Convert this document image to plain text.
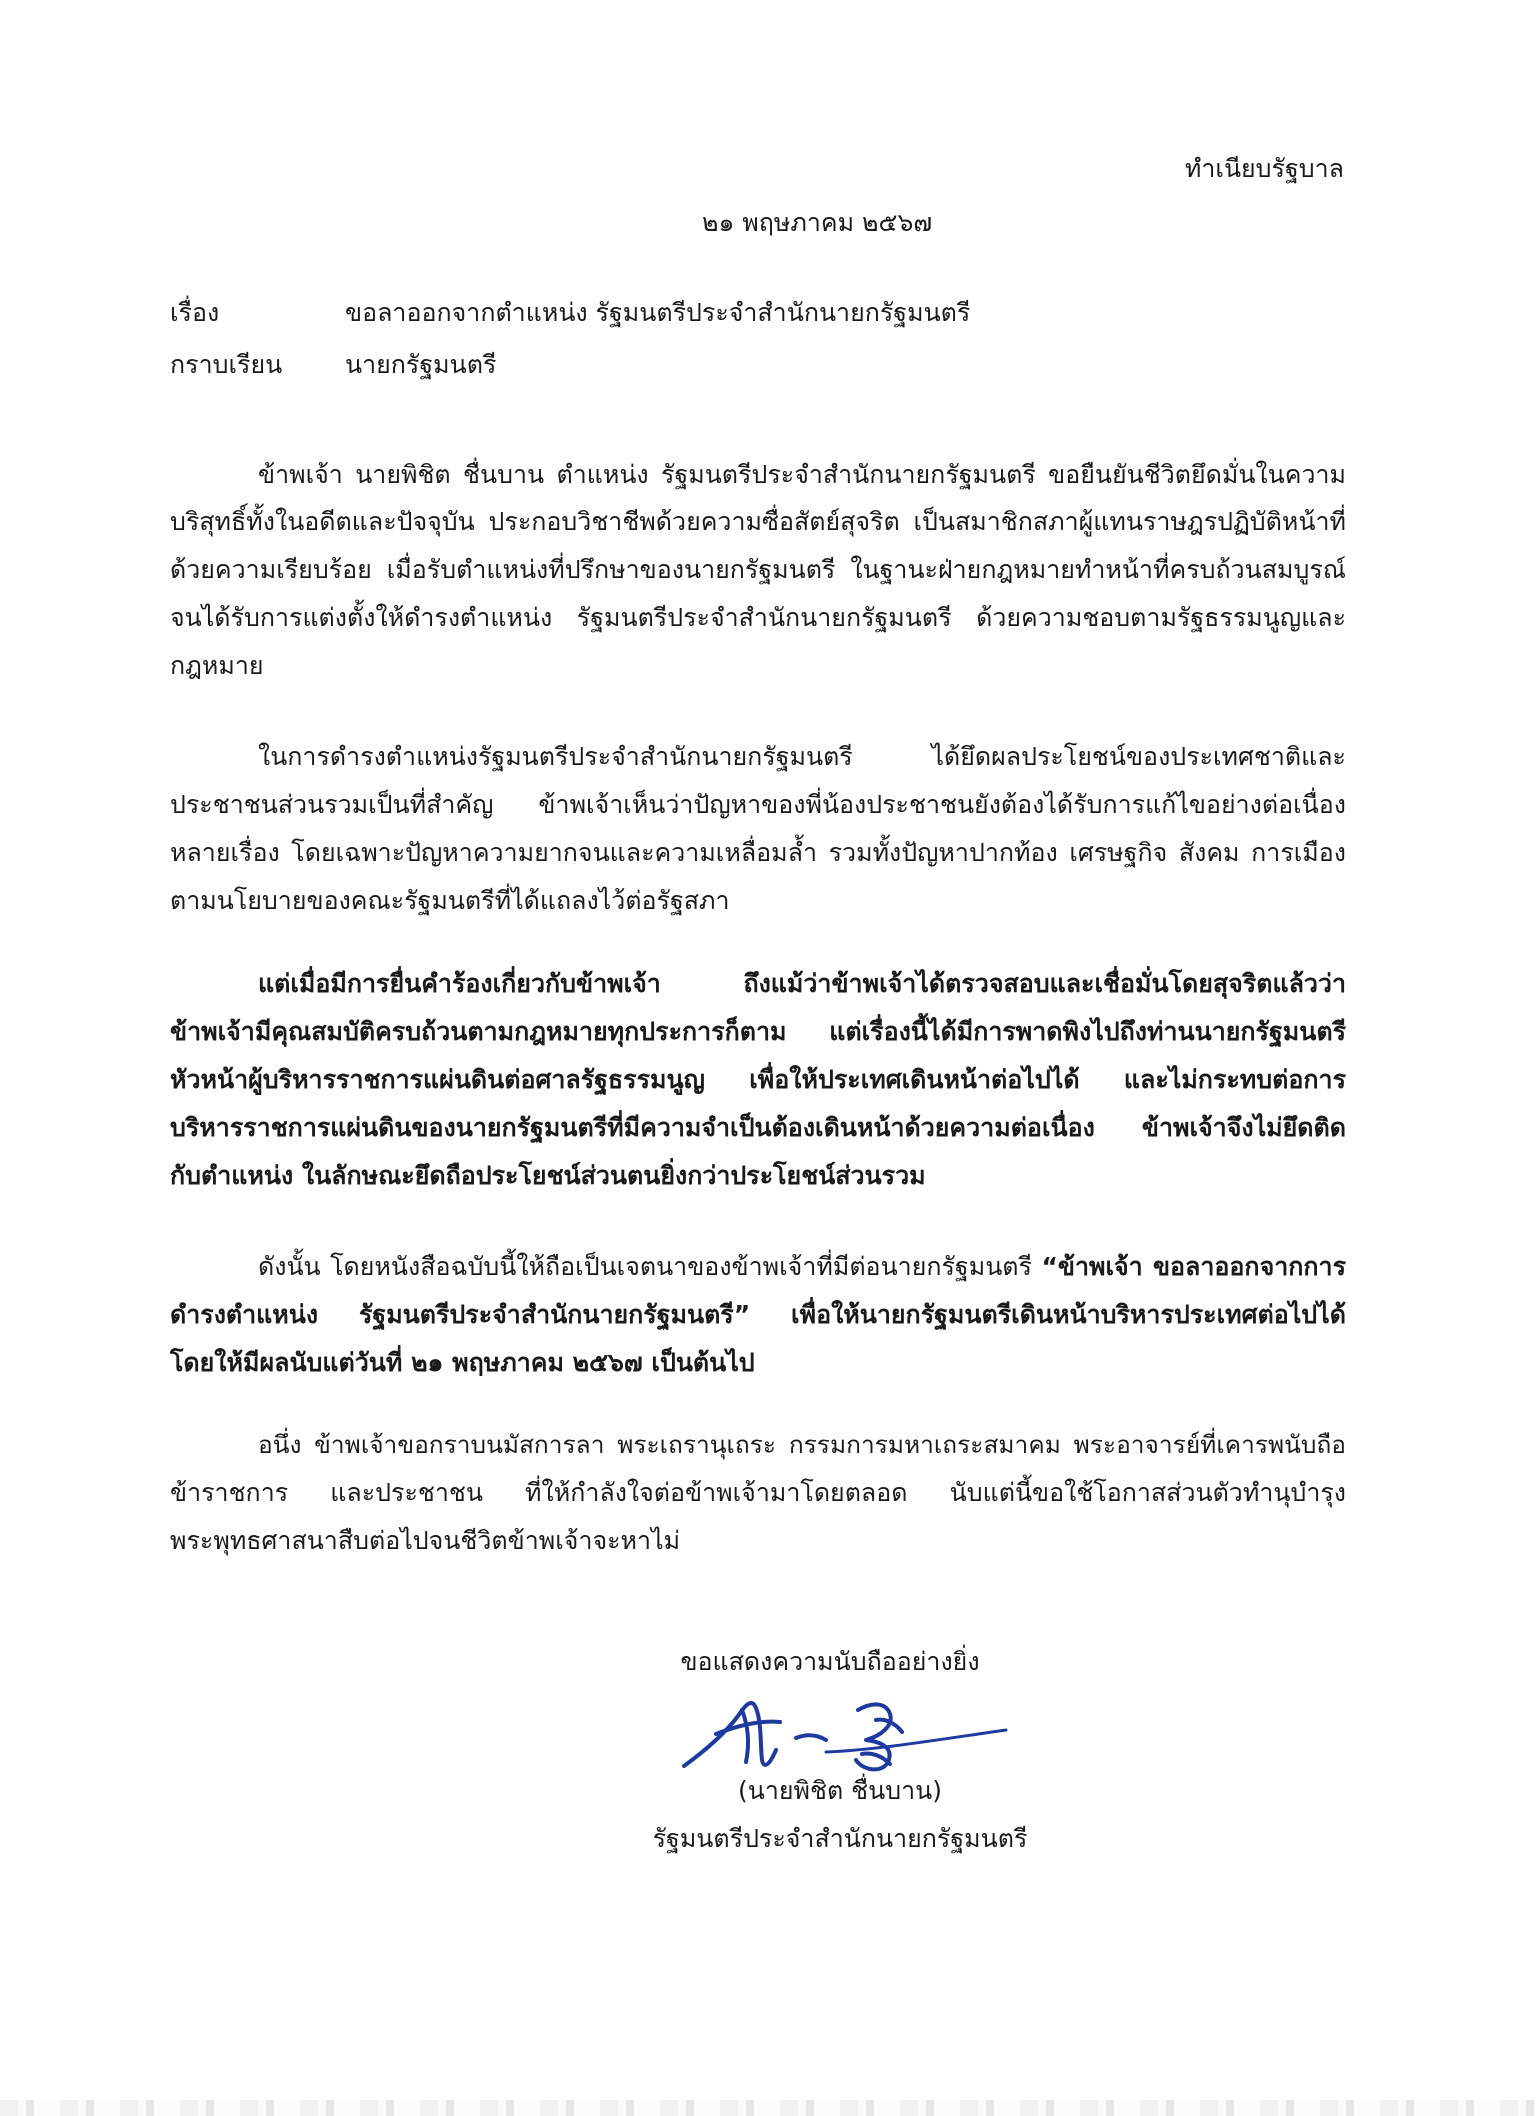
ทำเนียบรัฐบาล
๒๑ พฤษภาคม ๒๕๖๗
เรื่อง	ขอลาออกจากตำแหน่ง รัฐมนตรีประจำสำนักนายกรัฐมนตรี
กราบเรียน	นายกรัฐมนตรี
ข้าพเจ้า นายพิชิต ชื่นบาน ตำแหน่ง รัฐมนตรีประจำสำนักนายกรัฐมนตรี ขอยืนยันชีวิตยึดมั่นในความ
บริสุทธิ์ทั้งในอดีตและปัจจุบัน ประกอบวิชาชีพด้วยความซื่อสัตย์สุจริต เป็นสมาชิกสภาผู้แทนราษฎรปฏิบัติหน้าที่
ด้วยความเรียบร้อย เมื่อรับตำแหน่งที่ปรึกษาของนายกรัฐมนตรี ในฐานะฝ่ายกฎหมายทำหน้าที่ครบถ้วนสมบูรณ์
จนได้รับการแต่งตั้งให้ดำรงตำแหน่ง รัฐมนตรีประจำสำนักนายกรัฐมนตรี ด้วยความชอบตามรัฐธรรมนูญและ
กฎหมาย
ในการดำรงตำแหน่งรัฐมนตรีประจำสำนักนายกรัฐมนตรี ได้ยึดผลประโยชน์ของประเทศชาติและ
ประชาชนส่วนรวมเป็นที่สำคัญ ข้าพเจ้าเห็นว่าปัญหาของพี่น้องประชาชนยังต้องได้รับการแก้ไขอย่างต่อเนื่อง
หลายเรื่อง โดยเฉพาะปัญหาความยากจนและความเหลื่อมล้ำ รวมทั้งปัญหาปากท้อง เศรษฐกิจ สังคม การเมือง
ตามนโยบายของคณะรัฐมนตรีที่ได้แถลงไว้ต่อรัฐสภา
แต่เมื่อมีการยื่นคำร้องเกี่ยวกับข้าพเจ้า ถึงแม้ว่าข้าพเจ้าได้ตรวจสอบและเชื่อมั่นโดยสุจริตแล้วว่า
ข้าพเจ้ามีคุณสมบัติครบถ้วนตามกฎหมายทุกประการก็ตาม แต่เรื่องนี้ได้มีการพาดพิงไปถึงท่านนายกรัฐมนตรี
หัวหน้าผู้บริหารราชการแผ่นดินต่อศาลรัฐธรรมนูญ เพื่อให้ประเทศเดินหน้าต่อไปได้ และไม่กระทบต่อการ
บริหารราชการแผ่นดินของนายกรัฐมนตรีที่มีความจำเป็นต้องเดินหน้าด้วยความต่อเนื่อง ข้าพเจ้าจึงไม่ยึดติด
กับตำแหน่ง ในลักษณะยึดถือประโยชน์ส่วนตนยิ่งกว่าประโยชน์ส่วนรวม
ดังนั้น โดยหนังสือฉบับนี้ให้ถือเป็นเจตนาของข้าพเจ้าที่มีต่อนายกรัฐมนตรี “ข้าพเจ้า ขอลาออกจากการ
ดำรงตำแหน่ง รัฐมนตรีประจำสำนักนายกรัฐมนตรี” เพื่อให้นายกรัฐมนตรีเดินหน้าบริหารประเทศต่อไปได้
โดยให้มีผลนับแต่วันที่ ๒๑ พฤษภาคม ๒๕๖๗ เป็นต้นไป
อนึ่ง ข้าพเจ้าขอกราบนมัสการลา พระเถรานุเถระ กรรมการมหาเถระสมาคม พระอาจารย์ที่เคารพนับถือ
ข้าราชการ และประชาชน ที่ให้กำลังใจต่อข้าพเจ้ามาโดยตลอด นับแต่นี้ขอใช้โอกาสส่วนตัวทำนุบำรุง
พระพุทธศาสนาสืบต่อไปจนชีวิตข้าพเจ้าจะหาไม่
ขอแสดงความนับถืออย่างยิ่ง
(นายพิชิต ชื่นบาน)
รัฐมนตรีประจำสำนักนายกรัฐมนตรี
